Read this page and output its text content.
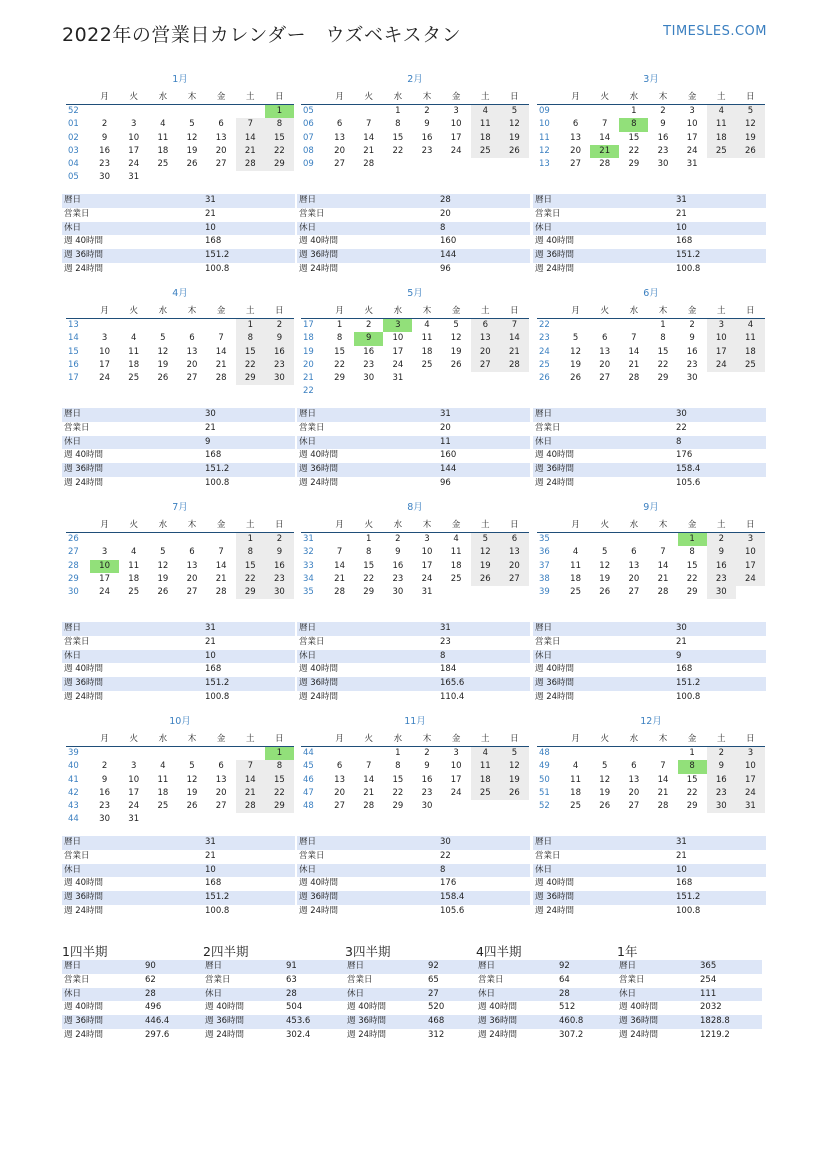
2022年の営業日カレンダー　ウズベキスタン	TIMESLES.COM
1月
	月	火	水	木	金	土	日
52							1
01	2	3	4	5	6	7	8
02	9	10	11	12	13	14	15
03	16	17	18	19	20	21	22
04	23	24	25	26	27	28	29
05	30	31					
暦日	31
営業日	21
休日	10
週 40時間	168
週 36時間	151.2
週 24時間	100.8
2月
	月	火	水	木	金	土	日
05			1	2	3	4	5
06	6	7	8	9	10	11	12
07	13	14	15	16	17	18	19
08	20	21	22	23	24	25	26
09	27	28					
暦日	28
営業日	20
休日	8
週 40時間	160
週 36時間	144
週 24時間	96
3月
	月	火	水	木	金	土	日
09			1	2	3	4	5
10	6	7	8	9	10	11	12
11	13	14	15	16	17	18	19
12	20	21	22	23	24	25	26
13	27	28	29	30	31		
暦日	31
営業日	21
休日	10
週 40時間	168
週 36時間	151.2
週 24時間	100.8
4月
	月	火	水	木	金	土	日
13						1	2
14	3	4	5	6	7	8	9
15	10	11	12	13	14	15	16
16	17	18	19	20	21	22	23
17	24	25	26	27	28	29	30
暦日	30
営業日	21
休日	9
週 40時間	168
週 36時間	151.2
週 24時間	100.8
5月
	月	火	水	木	金	土	日
17	1	2	3	4	5	6	7
18	8	9	10	11	12	13	14
19	15	16	17	18	19	20	21
20	22	23	24	25	26	27	28
21	29	30	31				
22							
暦日	31
営業日	20
休日	11
週 40時間	160
週 36時間	144
週 24時間	96
6月
	月	火	水	木	金	土	日
22				1	2	3	4
23	5	6	7	8	9	10	11
24	12	13	14	15	16	17	18
25	19	20	21	22	23	24	25
26	26	27	28	29	30		
暦日	30
営業日	22
休日	8
週 40時間	176
週 36時間	158.4
週 24時間	105.6
7月
	月	火	水	木	金	土	日
26						1	2
27	3	4	5	6	7	8	9
28	10	11	12	13	14	15	16
29	17	18	19	20	21	22	23
30	24	25	26	27	28	29	30
暦日	31
営業日	21
休日	10
週 40時間	168
週 36時間	151.2
週 24時間	100.8
8月
	月	火	水	木	金	土	日
31		1	2	3	4	5	6
32	7	8	9	10	11	12	13
33	14	15	16	17	18	19	20
34	21	22	23	24	25	26	27
35	28	29	30	31			
暦日	31
営業日	23
休日	8
週 40時間	184
週 36時間	165.6
週 24時間	110.4
9月
	月	火	水	木	金	土	日
35					1	2	3
36	4	5	6	7	8	9	10
37	11	12	13	14	15	16	17
38	18	19	20	21	22	23	24
39	25	26	27	28	29	30	
暦日	30
営業日	21
休日	9
週 40時間	168
週 36時間	151.2
週 24時間	100.8
10月
	月	火	水	木	金	土	日
39							1
40	2	3	4	5	6	7	8
41	9	10	11	12	13	14	15
42	16	17	18	19	20	21	22
43	23	24	25	26	27	28	29
44	30	31					
暦日	31
営業日	21
休日	10
週 40時間	168
週 36時間	151.2
週 24時間	100.8
11月
	月	火	水	木	金	土	日
44			1	2	3	4	5
45	6	7	8	9	10	11	12
46	13	14	15	16	17	18	19
47	20	21	22	23	24	25	26
48	27	28	29	30			
暦日	30
営業日	22
休日	8
週 40時間	176
週 36時間	158.4
週 24時間	105.6
12月
	月	火	水	木	金	土	日
48					1	2	3
49	4	5	6	7	8	9	10
50	11	12	13	14	15	16	17
51	18	19	20	21	22	23	24
52	25	26	27	28	29	30	31
暦日	31
営業日	21
休日	10
週 40時間	168
週 36時間	151.2
週 24時間	100.8
1四半期
暦日	90
営業日	62
休日	28
週 40時間	496
週 36時間	446.4
週 24時間	297.6
2四半期
暦日	91
営業日	63
休日	28
週 40時間	504
週 36時間	453.6
週 24時間	302.4
3四半期
暦日	92
営業日	65
休日	27
週 40時間	520
週 36時間	468
週 24時間	312
4四半期
暦日	92
営業日	64
休日	28
週 40時間	512
週 36時間	460.8
週 24時間	307.2
1年
暦日	365
営業日	254
休日	111
週 40時間	2032
週 36時間	1828.8
週 24時間	1219.2
